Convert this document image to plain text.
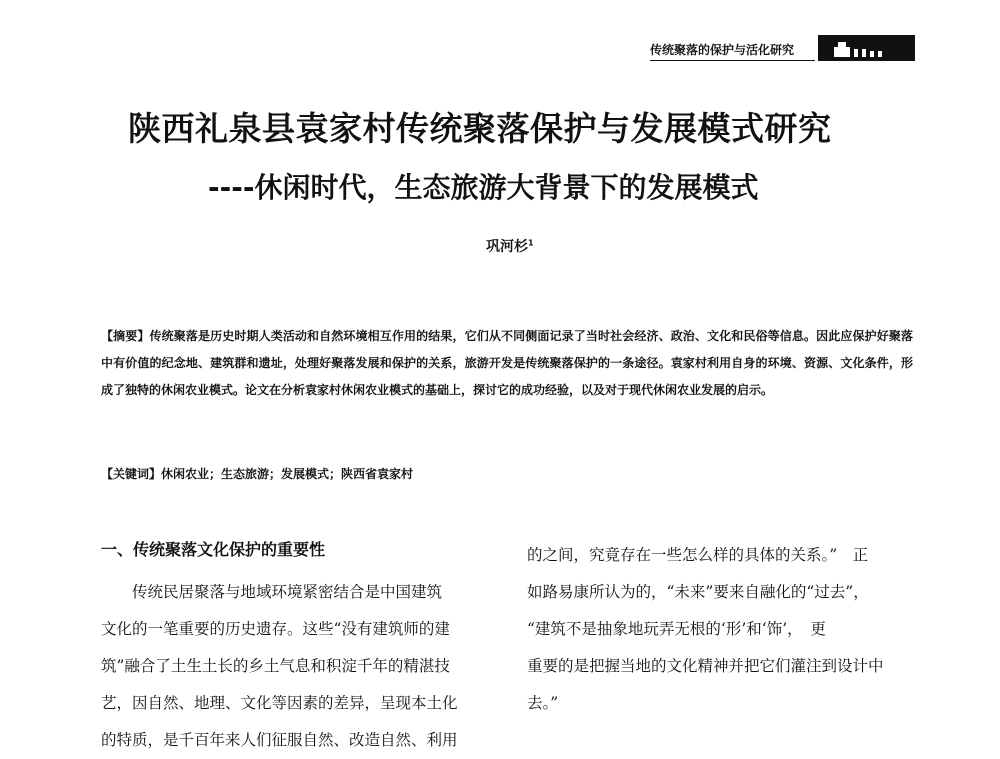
传统聚落的保护与活化研究
陕西礼泉县袁家村传统聚落保护与发展模式研究
----休闲时代，生态旅游大背景下的发展模式
巩河杉$^1$
【摘要】传统聚落是历史时期人类活动和自然环境相互作用的结果，它们从不同侧面记录了当时社会经济、政治、文化和民俗等信息。因此应保护好聚落中有价值的纪念地、建筑群和遗址，处理好聚落发展和保护的关系，旅游开发是传统聚落保护的一条途径。袁家村利用自身的环境、资源、文化条件，形成了独特的休闲农业模式。论文在分析袁家村休闲农业模式的基础上，探讨它的成功经验，以及对于现代休闲农业发展的启示。
【关键词】休闲农业；生态旅游；发展模式；陕西省袁家村
一、传统聚落文化保护的重要性
传统民居聚落与地域环境紧密结合是中国建筑
文化的一笔重要的历史遗存。这些“没有建筑师的建
筑”融合了土生土长的乡土气息和积淀千年的精湛技
艺，因自然、地理、文化等因素的差异，呈现本土化
的特质，是千百年来人们征服自然、改造自然、利用
的之间，究竟存在一些怎么样的具体的关系。”　正
如路易康所认为的，“未来”要来自融化的“过去”，
“建筑不是抽象地玩弄无根的‘形’和‘饰’，　更
重要的是把握当地的文化精神并把它们灌注到设计中
去。”
